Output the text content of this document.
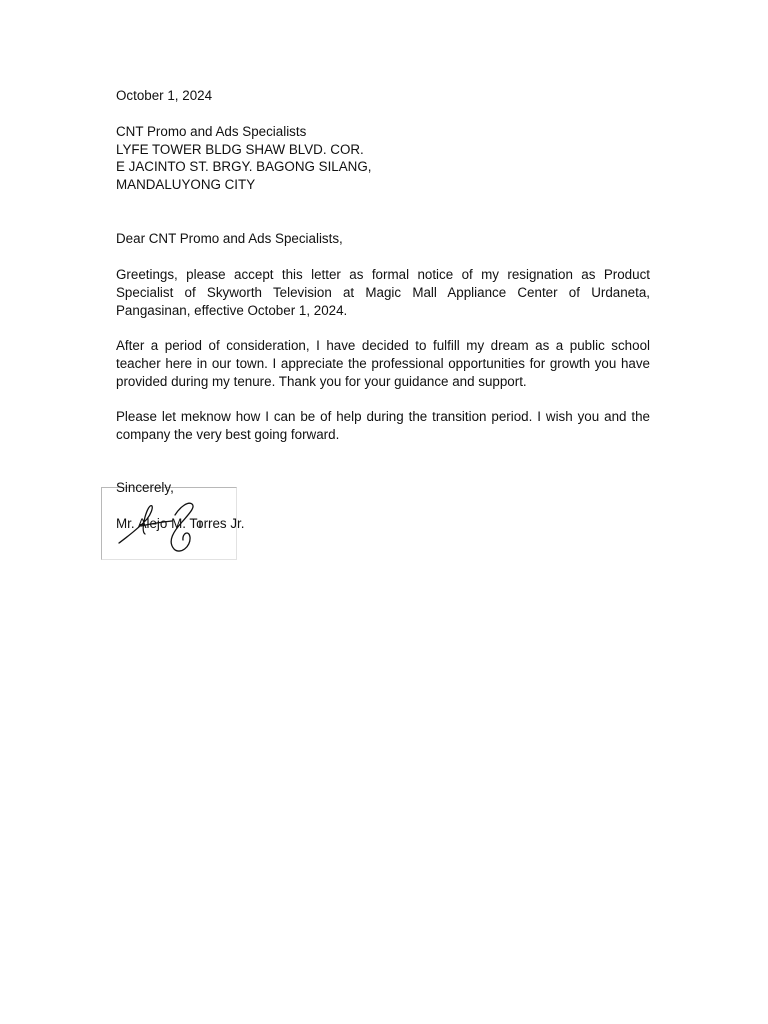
October 1, 2024
CNT Promo and Ads Specialists
LYFE TOWER BLDG SHAW BLVD. COR.
E JACINTO ST. BRGY. BAGONG SILANG,
MANDALUYONG CITY
Dear CNT Promo and Ads Specialists,
Greetings, please accept this letter as formal notice of my resignation as Product Specialist of Skyworth Television at Magic Mall Appliance Center of Urdaneta, Pangasinan, effective October 1, 2024.
After a period of consideration, I have decided to fulfill my dream as a public school teacher here in our town. I appreciate the professional opportunities for growth you have provided during my tenure. Thank you for your guidance and support.
Please let meknow how I can be of help during the transition period. I wish you and the company the very best going forward.
Sincerely,
Mr. Alejo M. Torres Jr.
